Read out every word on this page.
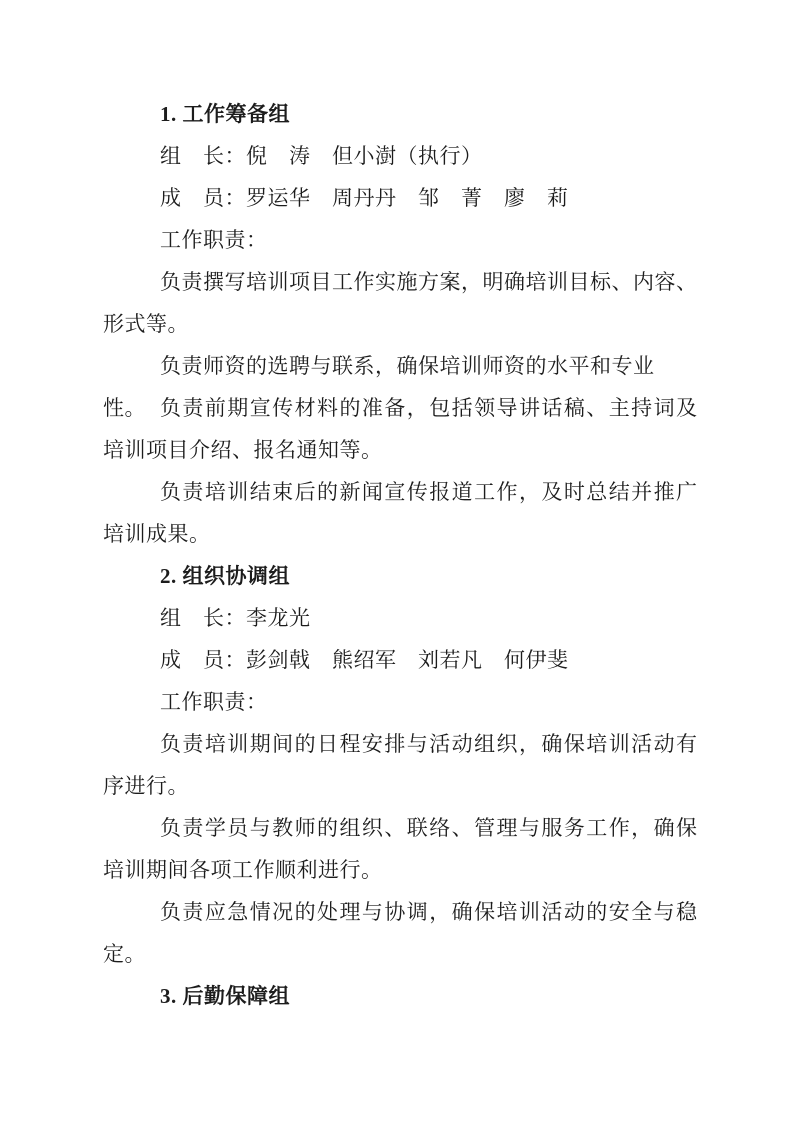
1. 工作筹备组
组　长：倪　涛　但小澍（执行）
成　员：罗运华　周丹丹　邹　菁　廖　莉
工作职责：
负责撰写培训项目工作实施方案，明确培训目标、内容、
形式等。
负责师资的选聘与联系，确保培训师资的水平和专业性。 负责前期宣传材料的准备，包括领导讲话稿、主持词及
培训项目介绍、报名通知等。
负责培训结束后的新闻宣传报道工作，及时总结并推广
培训成果。
2. 组织协调组
组　长：李龙光
成　员：彭剑戟　熊绍军　刘若凡　何伊斐
工作职责：
负责培训期间的日程安排与活动组织，确保培训活动有
序进行。
负责学员与教师的组织、联络、管理与服务工作，确保
培训期间各项工作顺利进行。
负责应急情况的处理与协调，确保培训活动的安全与稳
定。
3. 后勤保障组
